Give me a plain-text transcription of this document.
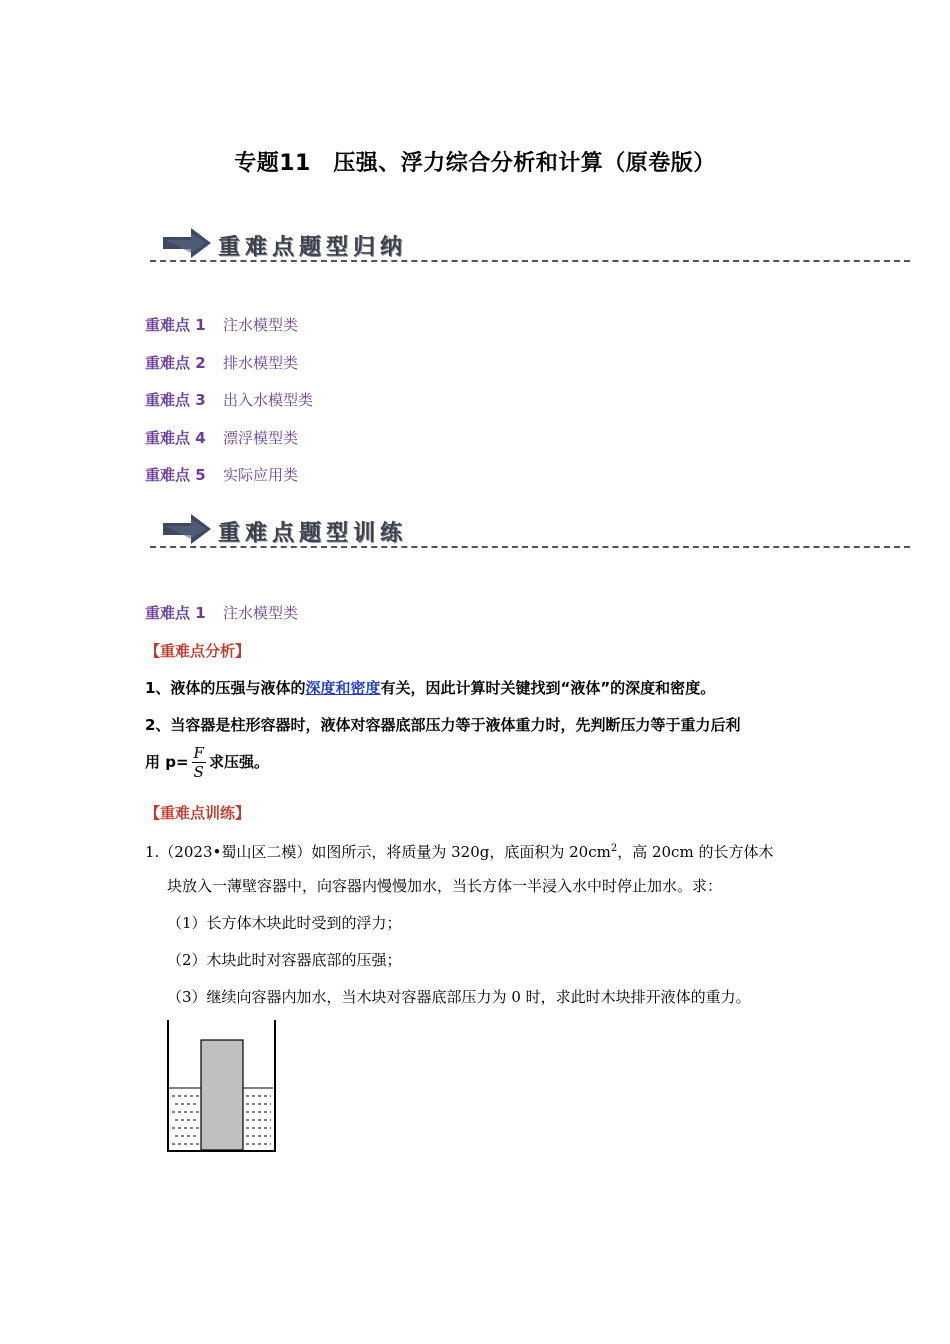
专题11　压强、浮力综合分析和计算（原卷版）
重难点题型归纳
重难点 1 注水模型类
重难点 2 排水模型类
重难点 3 出入水模型类
重难点 4 漂浮模型类
重难点 5 实际应用类
重难点题型训练
重难点 1 注水模型类
【重难点分析】
1、液体的压强与液体的深度和密度有关，因此计算时关键找到“液体”的深度和密度。
2、当容器是柱形容器时，液体对容器底部压力等于液体重力时，先判断压力等于重力后利
用 $p= \frac{F}{S}$ 求压强。
【重难点训练】
1.（2023•蜀山区二模）如图所示，将质量为 320g，底面积为 $20cm^2$，高 20cm 的长方体木
块放入一薄壁容器中，向容器内慢慢加水，当长方体一半浸入水中时停止加水。求：
（1）长方体木块此时受到的浮力；
（2）木块此时对容器底部的压强；
（3）继续向容器内加水，当木块对容器底部压力为 0 时，求此时木块排开液体的重力。
